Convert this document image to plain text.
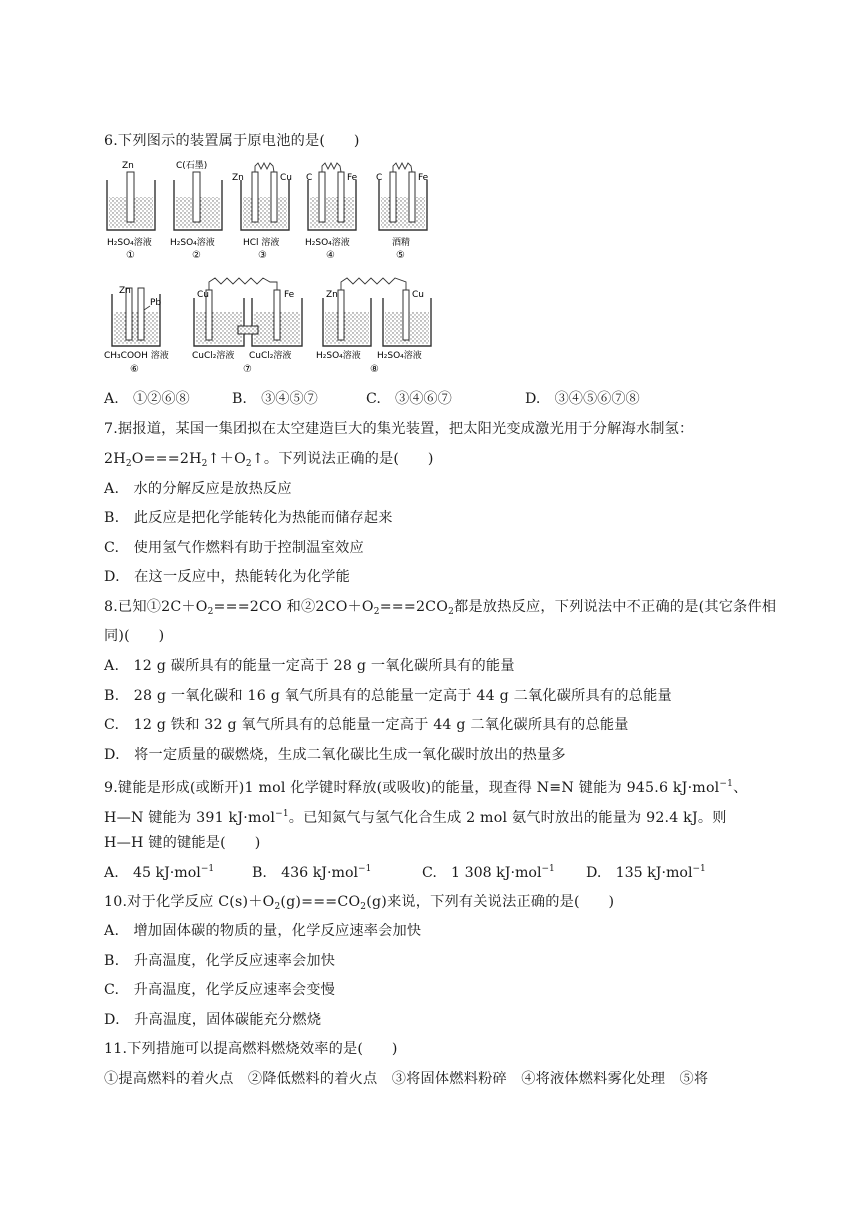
6.下列图示的装置属于原电池的是(　　)
Zn
H₂SO₄溶液
①
C(石墨)
H₂SO₄溶液
②
Zn	Cu
HCl 溶液
③
C	Fe
H₂SO₄溶液
④
C	Fe
酒精
⑤
Zn
Pb
CH₃COOH 溶液
⑥
Cu	Fe
CuCl₂溶液 CuCl₂溶液
⑦
Zn	Cu
H₂SO₄溶液 H₂SO₄溶液
⑧
A.　①②⑥⑧	B.　③④⑤⑦	C.　③④⑥⑦	D.　③④⑤⑥⑦⑧
7.据报道，某国一集团拟在太空建造巨大的集光装置，把太阳光变成激光用于分解海水制氢：
$2H_2O===2H_2↑+O_2↑$。下列说法正确的是(　　)
A.　水的分解反应是放热反应
B.　此反应是把化学能转化为热能而储存起来
C.　使用氢气作燃料有助于控制温室效应
D.　在这一反应中，热能转化为化学能
8.已知$①2C+O_2===2CO$ 和$②2CO+O_2===2CO_2$都是放热反应，下列说法中不正确的是(其它条件相
同)(　　)
A.　12 g 碳所具有的能量一定高于 28 g 一氧化碳所具有的能量
B.　28 g 一氧化碳和 16 g 氧气所具有的总能量一定高于 44 g 二氧化碳所具有的总能量
C.　12 g 铁和 32 g 氧气所具有的总能量一定高于 44 g 二氧化碳所具有的总能量
D.　将一定质量的碳燃烧，生成二氧化碳比生成一氧化碳时放出的热量多
9.键能是形成(或断开)1 mol 化学键时释放(或吸收)的能量，现查得 N≡N 键能为 945.6 kJ·mol$^{-1}$、
H—N 键能为 391 kJ·mol$^{-1}$。已知氮气与氢气化合生成 2 mol 氨气时放出的能量为 92.4 kJ。则
H—H 键的键能是(　　)
A.　45 kJ·mol$^{-1}$	B.　436 kJ·mol$^{-1}$	C.　1 308 kJ·mol$^{-1}$ D.　135 kJ·mol$^{-1}$
10.对于化学反应 $C(s)+O_2(g)===CO_2(g)$来说，下列有关说法正确的是(　　)
A.　增加固体碳的物质的量，化学反应速率会加快
B.　升高温度，化学反应速率会加快
C.　升高温度，化学反应速率会变慢
D.　升高温度，固体碳能充分燃烧
11.下列措施可以提高燃料燃烧效率的是(　　)
①提高燃料的着火点　②降低燃料的着火点　③将固体燃料粉碎　④将液体燃料雾化处理　⑤将
